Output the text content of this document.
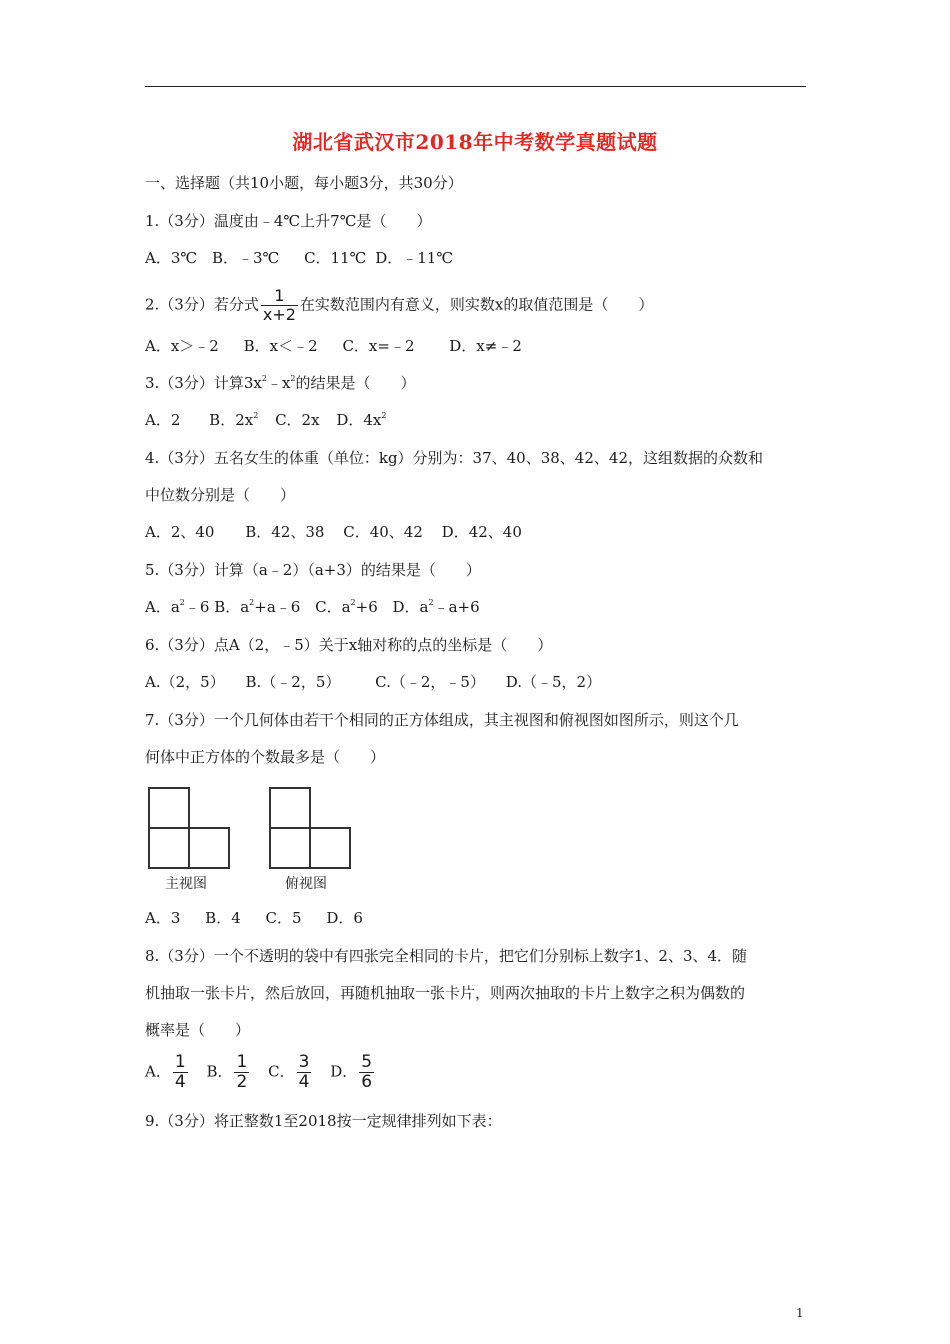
湖北省武汉市2018年中考数学真题试题
一、选择题（共10小题，每小题3分，共30分）
1.（3分）温度由﹣4℃上升7℃是（　　）
A．3℃ B．﹣3℃ C．11℃ D．﹣11℃
2.（3分）若分式 $\frac{1}{x+2}$ 在实数范围内有意义，则实数x的取值范围是（　　）
A．x＞﹣2 B．x＜﹣2 C．x=﹣2 D．x≠﹣2
3.（3分）计算$3x^2﹣x^2$的结果是（　　）
A．2 B．$2x^2$ C．2x D．$4x^2$
4.（3分）五名女生的体重（单位：kg）分别为：37、40、38、42、42，这组数据的众数和
中位数分别是（　　）
A．2、40 B．42、38 C．40、42 D．42、40
5.（3分）计算（a﹣2）（a+3）的结果是（　　）
A．$a^2﹣6$ B．$a^2+a﹣6$ C．$a^2+6$ D．$a^2﹣a+6$
6.（3分）点A（2，﹣5）关于x轴对称的点的坐标是（　　）
A.（2，5） B.（﹣2，5） C.（﹣2，﹣5） D.（﹣5，2）
7.（3分）一个几何体由若干个相同的正方体组成，其主视图和俯视图如图所示，则这个几
何体中正方体的个数最多是（　　）
主视图	俯视图
A．3 B．4 C．5 D．6
8.（3分）一个不透明的袋中有四张完全相同的卡片，把它们分别标上数字1、2、3、4．随
机抽取一张卡片，然后放回，再随机抽取一张卡片，则两次抽取的卡片上数字之积为偶数的
概率是（　　）
A． $\frac{1}{4}$ B． $\frac{1}{2}$ C． $\frac{3}{4}$ D． $\frac{5}{6}$
9.（3分）将正整数1至2018按一定规律排列如下表：
1
